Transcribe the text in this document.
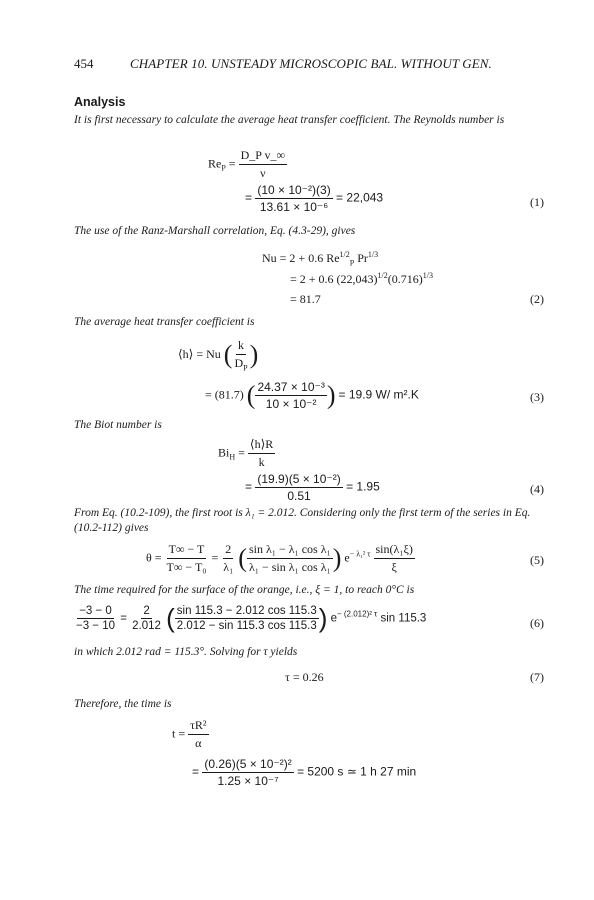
454	CHAPTER 10. UNSTEADY MICROSCOPIC BAL. WITHOUT GEN.
Analysis
It is first necessary to calculate the average heat transfer coefficient. The Reynolds number is
$Re_P = \frac{\text{D\_P v\_∞}}{\nu}$
= $\frac{\text{(10 × 10⁻²)(3)}}{\text{13.61 × 10⁻⁶}} = 22,043$	(1)
The use of the Ranz-Marshall correlation, Eq. (4.3-29), gives
Nu = 2 + 0.6 $Re^{1/2}_P$ $Pr^{1/3}$
= 2 + 0.6 $(22,043)^{1/2}(0.716)^{1/3}$
= 81.7	(2)
The average heat transfer coefficient is
⟨h⟩ = Nu ( $\frac{k}{D_P}$ )
= (81.7) ( $\frac{\text{24.37 × 10⁻³}}{\text{10 × 10⁻²}}$ ) = 19.9 W/ m².K	(3)
The Biot number is
$Bi_H = \frac{⟨h⟩R}{k}$
= $\frac{\text{(19.9)(5 × 10⁻²)}}{0.51} = 1.95$	(4)
From Eq. (10.2-109), the first root is λ₁ = 2.012. Considering only the first term of the series in Eq. (10.2-112) gives
$\theta = \frac{T\infty - T}{\text{T∞ − T₀}} = \frac{2}{\text{λ₁}}$ ( $\frac{\text{sin λ₁ − λ₁ cos λ₁}}{\text{λ₁ − sin λ₁ cos λ₁}}$ ) $e^{- \lambda_1^2 \tau} \frac{\text{sin(λ₁ξ)}}{\xi}$	(5)
The time required for the surface of the orange, i.e., ξ = 1, to reach 0°C is
$\frac{-3 - 0}{-3 - 10} = \frac{2}{2.012}$ ( $\frac{\sin 115.3 - 2.012 \cos 115.3}{2.012 - \sin 115.3 \cos 115.3}$ ) $e^{- (2.012)^2 \tau}$ sin 115.3	(6)
in which 2.012 rad = 115.3°. Solving for τ yields
τ = 0.26	(7)
Therefore, the time is
$t = \frac{\text{τR²}}{\alpha}$
= $\frac{\text{(0.26)(5 × 10⁻²)²}}{\text{1.25 × 10⁻⁷}} = 5200$ s ≃ 1 h 27 min
